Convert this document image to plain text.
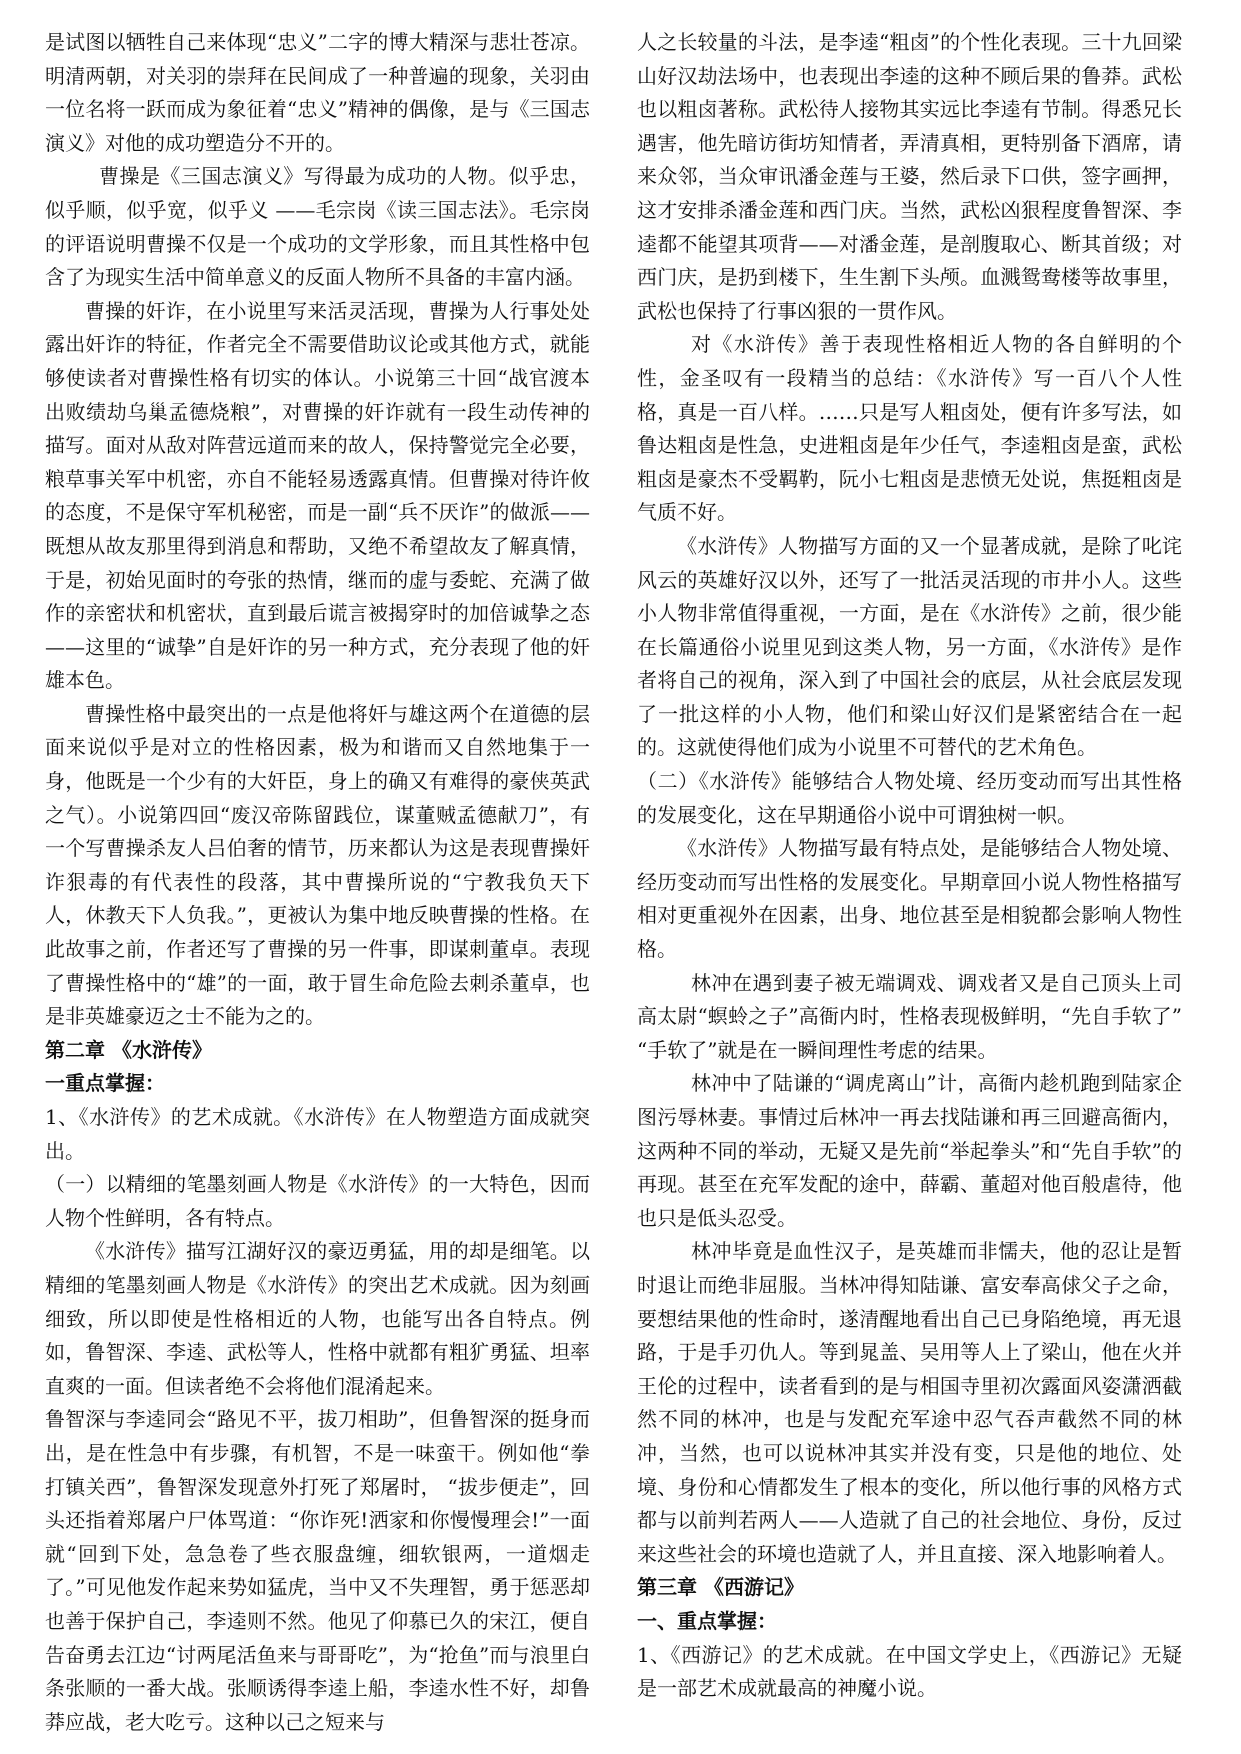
是试图以牺牲自己来体现“忠义”二字的博大精深与悲壮苍凉。明清两朝，对关羽的崇拜在民间成了一种普遍的现象，关羽由一位名将一跃而成为象征着“忠义”精神的偶像，是与《三国志演义》对他的成功塑造分不开的。

曹操是《三国志演义》写得最为成功的人物。似乎忠，似乎顺，似乎宽，似乎义 ——毛宗岗《读三国志法》。毛宗岗的评语说明曹操不仅是一个成功的文学形象，而且其性格中包含了为现实生活中简单意义的反面人物所不具备的丰富内涵。

曹操的奸诈，在小说里写来活灵活现，曹操为人行事处处露出奸诈的特征，作者完全不需要借助议论或其他方式，就能够使读者对曹操性格有切实的体认。小说第三十回“战官渡本出败绩劫乌巢孟德烧粮”，对曹操的奸诈就有一段生动传神的描写。面对从敌对阵营远道而来的故人，保持警觉完全必要，粮草事关军中机密，亦自不能轻易透露真情。但曹操对待许攸的态度，不是保守军机秘密，而是一副“兵不厌诈”的做派——既想从故友那里得到消息和帮助，又绝不希望故友了解真情，于是，初始见面时的夸张的热情，继而的虚与委蛇、充满了做作的亲密状和机密状，直到最后谎言被揭穿时的加倍诚挚之态——这里的“诚挚”自是奸诈的另一种方式，充分表现了他的奸雄本色。

曹操性格中最突出的一点是他将奸与雄这两个在道德的层面来说似乎是对立的性格因素，极为和谐而又自然地集于一身，他既是一个少有的大奸臣，身上的确又有难得的豪侠英武之气）。小说第四回“废汉帝陈留践位，谋董贼孟德献刀”，有一个写曹操杀友人吕伯奢的情节，历来都认为这是表现曹操奸诈狠毒的有代表性的段落，其中曹操所说的“宁教我负天下人，休教天下人负我。”，更被认为集中地反映曹操的性格。在此故事之前，作者还写了曹操的另一件事，即谋刺董卓。表现了曹操性格中的“雄”的一面，敢于冒生命危险去刺杀董卓，也是非英雄豪迈之士不能为之的。

第二章 《水浒传》

一重点掌握：

1、《水浒传》的艺术成就。《水浒传》在人物塑造方面成就突出。

（一）以精细的笔墨刻画人物是《水浒传》的一大特色，因而人物个性鲜明，各有特点。

《水浒传》描写江湖好汉的豪迈勇猛，用的却是细笔。以精细的笔墨刻画人物是《水浒传》的突出艺术成就。因为刻画细致，所以即使是性格相近的人物，也能写出各自特点。例如，鲁智深、李逵、武松等人，性格中就都有粗犷勇猛、坦率直爽的一面。但读者绝不会将他们混淆起来。

鲁智深与李逵同会“路见不平，拔刀相助”，但鲁智深的挺身而出，是在性急中有步骤，有机智，不是一味蛮干。例如他“拳打镇关西”，鲁智深发现意外打死了郑屠时， “拔步便走”，回头还指着郑屠户尸体骂道：“你诈死!洒家和你慢慢理会!”一面就“回到下处，急急卷了些衣服盘缠，细软银两，一道烟走了。”可见他发作起来势如猛虎，当中又不失理智，勇于惩恶却也善于保护自己，李逵则不然。他见了仰慕已久的宋江，便自告奋勇去江边“讨两尾活鱼来与哥哥吃”，为“抢鱼”而与浪里白条张顺的一番大战。张顺诱得李逵上船，李逵水性不好，却鲁莽应战，老大吃亏。这种以己之短来与

人之长较量的斗法，是李逵“粗卤”的个性化表现。三十九回梁山好汉劫法场中，也表现出李逵的这种不顾后果的鲁莽。武松也以粗卤著称。武松待人接物其实远比李逵有节制。得悉兄长遇害，他先暗访街坊知情者，弄清真相，更特别备下酒席，请来众邻，当众审讯潘金莲与王婆，然后录下口供，签字画押，这才安排杀潘金莲和西门庆。当然，武松凶狠程度鲁智深、李逵都不能望其项背——对潘金莲，是剖腹取心、断其首级；对西门庆，是扔到楼下，生生割下头颅。血溅鸳鸯楼等故事里，武松也保持了行事凶狠的一贯作风。

对《水浒传》善于表现性格相近人物的各自鲜明的个性，金圣叹有一段精当的总结：《水浒传》写一百八个人性格，真是一百八样。……只是写人粗卤处，便有许多写法，如鲁达粗卤是性急，史进粗卤是年少任气，李逵粗卤是蛮，武松粗卤是豪杰不受羁靮，阮小七粗卤是悲愤无处说，焦挺粗卤是气质不好。

《水浒传》人物描写方面的又一个显著成就，是除了叱诧风云的英雄好汉以外，还写了一批活灵活现的市井小人。这些小人物非常值得重视，一方面，是在《水浒传》之前，很少能在长篇通俗小说里见到这类人物，另一方面，《水浒传》是作者将自己的视角，深入到了中国社会的底层，从社会底层发现了一批这样的小人物，他们和梁山好汉们是紧密结合在一起的。这就使得他们成为小说里不可替代的艺术角色。

（二）《水浒传》能够结合人物处境、经历变动而写出其性格的发展变化，这在早期通俗小说中可谓独树一帜。

《水浒传》人物描写最有特点处，是能够结合人物处境、经历变动而写出性格的发展变化。早期章回小说人物性格描写相对更重视外在因素，出身、地位甚至是相貌都会影响人物性格。

林冲在遇到妻子被无端调戏、调戏者又是自己顶头上司高太尉“螟蛉之子”高衙内时，性格表现极鲜明，“先自手软了” “手软了”就是在一瞬间理性考虑的结果。

林冲中了陆谦的“调虎离山”计，高衙内趁机跑到陆家企图污辱林妻。事情过后林冲一再去找陆谦和再三回避高衙内，这两种不同的举动，无疑又是先前“举起拳头”和“先自手软”的再现。甚至在充军发配的途中，薛霸、董超对他百般虐待，他也只是低头忍受。

林冲毕竟是血性汉子，是英雄而非懦夫，他的忍让是暂时退让而绝非屈服。当林冲得知陆谦、富安奉高俅父子之命，要想结果他的性命时，遂清醒地看出自己已身陷绝境，再无退路，于是手刃仇人。等到晁盖、吴用等人上了梁山，他在火并王伦的过程中，读者看到的是与相国寺里初次露面风姿潇洒截然不同的林冲，也是与发配充军途中忍气吞声截然不同的林冲，当然，也可以说林冲其实并没有变，只是他的地位、处境、身份和心情都发生了根本的变化，所以他行事的风格方式都与以前判若两人——人造就了自己的社会地位、身份，反过来这些社会的环境也造就了人，并且直接、深入地影响着人。

第三章 《西游记》

一、重点掌握：

1、《西游记》的艺术成就。在中国文学史上，《西游记》无疑是一部艺术成就最高的神魔小说。
